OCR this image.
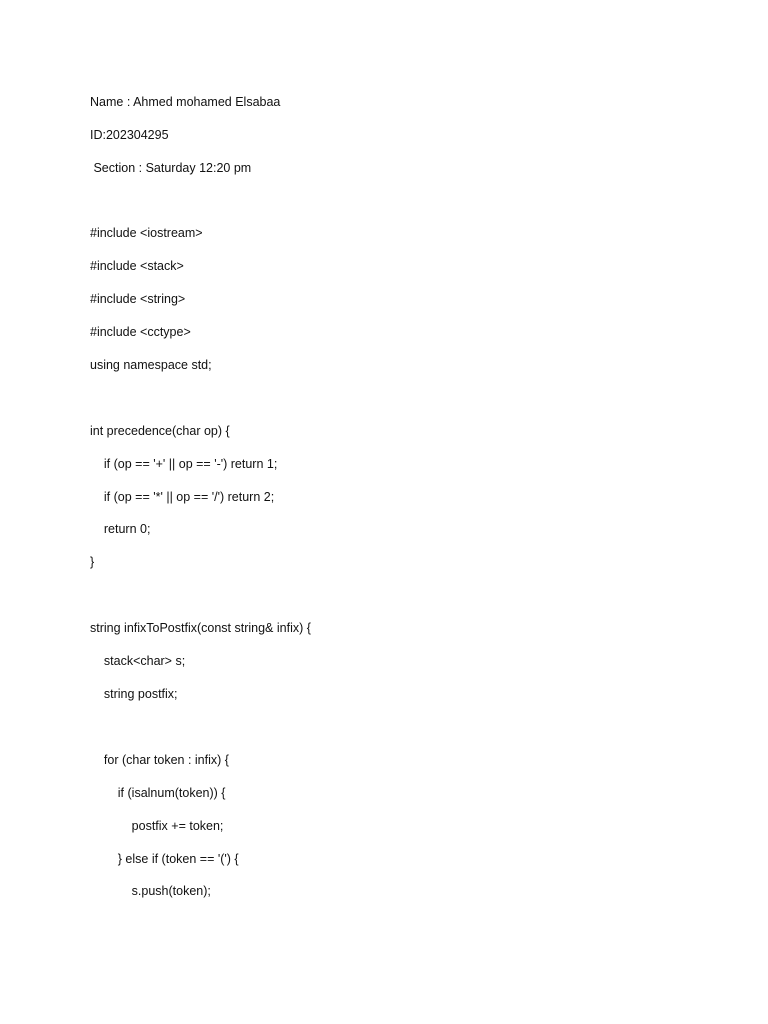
Name : Ahmed mohamed Elsabaa
ID:202304295
Section : Saturday 12:20 pm
#include <iostream>
#include <stack>
#include <string>
#include <cctype>
using namespace std;
int precedence(char op) {
if (op == '+' || op == '-') return 1;
if (op == '*' || op == '/') return 2;
return 0;
}
string infixToPostfix(const string& infix) {
stack<char> s;
string postfix;
for (char token : infix) {
if (isalnum(token)) {
postfix += token;
} else if (token == '(') {
s.push(token);
